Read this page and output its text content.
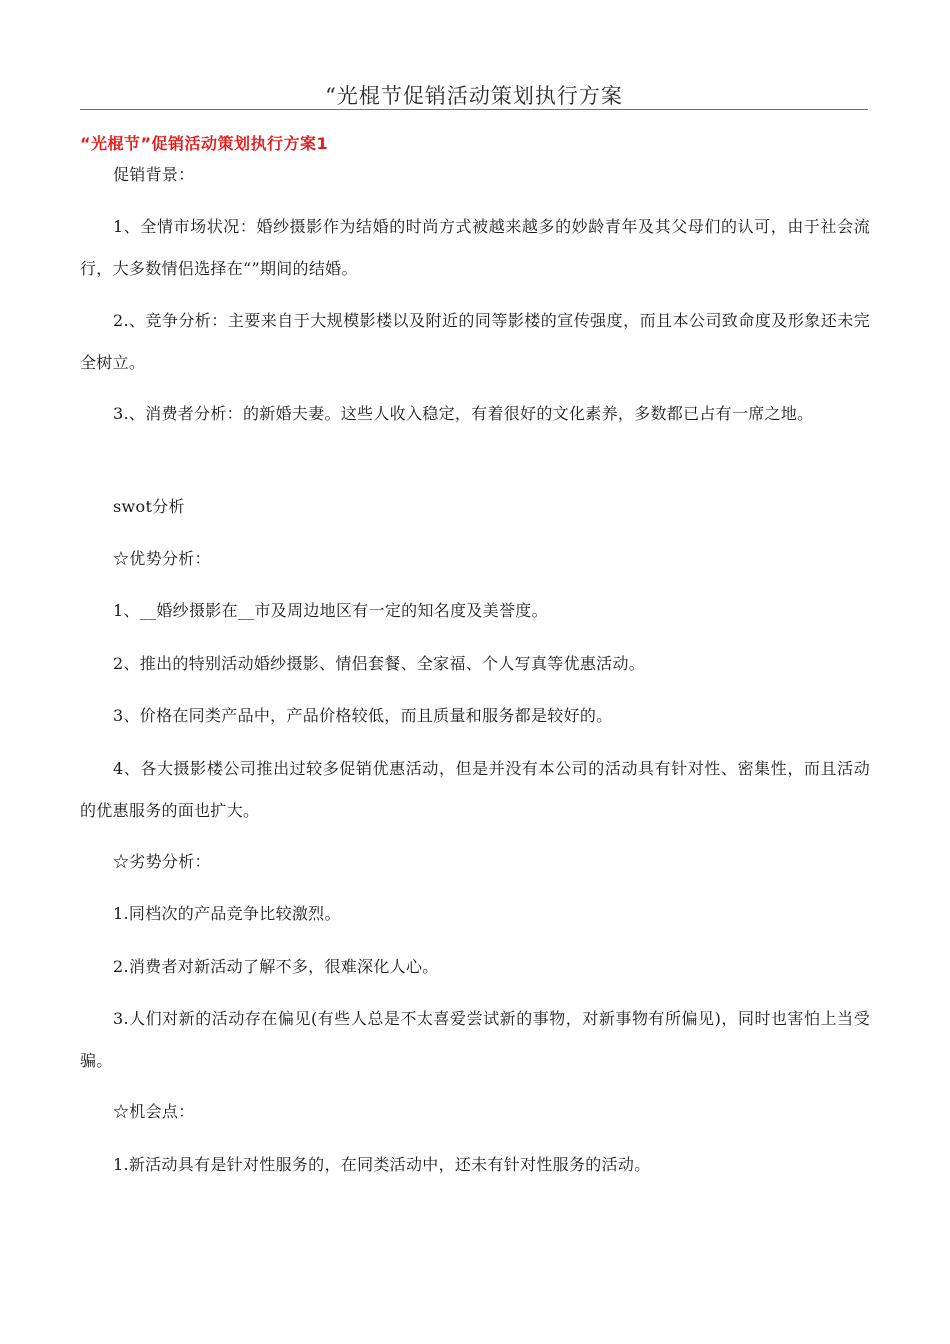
“光棍节促销活动策划执行方案
“光棍节”促销活动策划执行方案1

促销背景：

1、全情市场状况：婚纱摄影作为结婚的时尚方式被越来越多的妙龄青年及其父母们的认可，由于社会流行，大多数情侣选择在“”期间的结婚。

2.、竞争分析：主要来自于大规模影楼以及附近的同等影楼的宣传强度，而且本公司致命度及形象还未完全树立。

3.、消费者分析：的新婚夫妻。这些人收入稳定，有着很好的文化素养，多数都已占有一席之地。

swot分析

☆优势分析：

1、__婚纱摄影在__市及周边地区有一定的知名度及美誉度。

2、推出的特别活动婚纱摄影、情侣套餐、全家福、个人写真等优惠活动。

3、价格在同类产品中，产品价格较低，而且质量和服务都是较好的。

4、各大摄影楼公司推出过较多促销优惠活动，但是并没有本公司的活动具有针对性、密集性，而且活动的优惠服务的面也扩大。

☆劣势分析：

1.同档次的产品竞争比较激烈。

2.消费者对新活动了解不多，很难深化人心。

3.人们对新的活动存在偏见(有些人总是不太喜爱尝试新的事物，对新事物有所偏见)，同时也害怕上当受骗。

☆机会点：

1.新活动具有是针对性服务的，在同类活动中，还未有针对性服务的活动。
